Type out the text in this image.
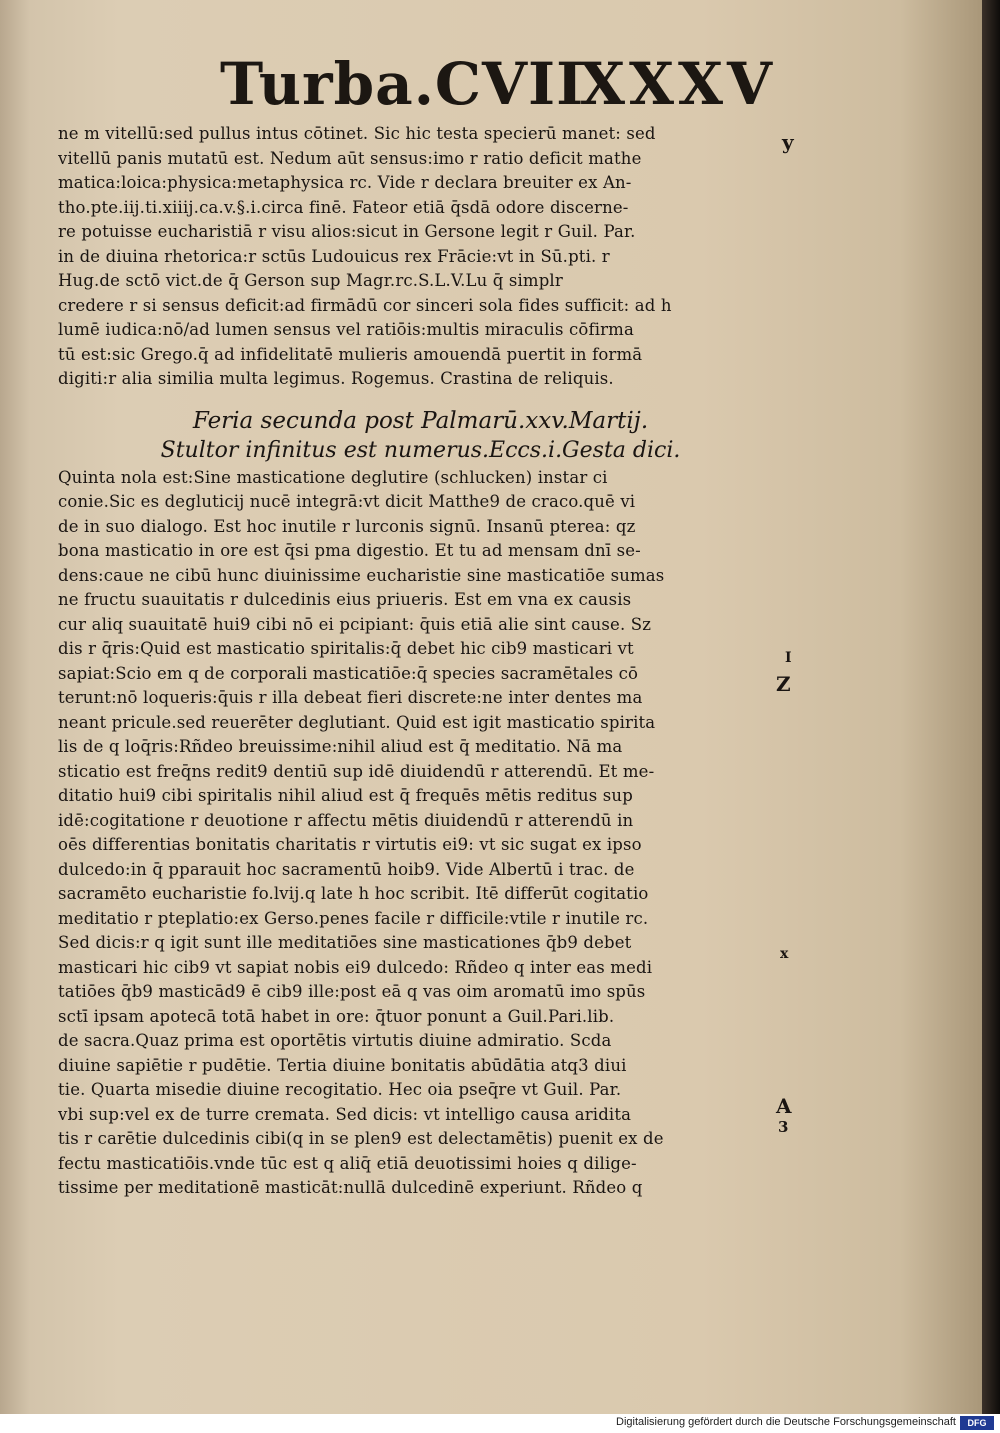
Turba.CVII
XXXV
ne m vitellū:sed pullus intus cōtinet. Sic hic testa specierū manet: sed
vitellū panis mutatū est. Nedum aūt sensus:imo r ratio deficit mathe
matica:loica:physica:metaphysica rc. Vide r declara breuiter ex An-
tho.pte.iij.ti.xiiij.ca.v.§.i.circa finē. Fateor etiā q̄sdā odore discerne-
re potuisse eucharistiā r visu alios:sicut in Gersone legit r Guil. Par.
in de diuina rhetorica:r sctūs Ludouicus rex Frācie:vt in Sū.pti. r
Hug.de sctō vict.de q̄ Gerson sup Magr.rc.S.L.V.Lu q̄ simplr
credere r si sensus deficit:ad firmādū cor sinceri sola fides sufficit: ad h
lumē iudica:nō/ad lumen sensus vel ratiōis:multis miraculis cōfirma
tū est:sic Grego.q̄ ad infidelitatē mulieris amouendā puertit in formā
digiti:r alia similia multa legimus. Rogemus. Crastina de reliquis.
Feria secunda post Palmarū.xxv.Martij.
Stultor infinitus est numerus.Eccs.i.Gesta dici.
Quinta nola est:Sine masticatione deglutire (schlucken) instar ci
conie.Sic es degluticij nucē integrā:vt dicit Matthe9 de craco.quē vi
de in suo dialogo. Est hoc inutile r lurconis signū. Insanū pterea: qz
bona masticatio in ore est q̄si pma digestio. Et tu ad mensam dnī se-
dens:caue ne cibū hunc diuinissime eucharistie sine masticatiōe sumas
ne fructu suauitatis r dulcedinis eius priueris. Est em vna ex causis
cur aliq suauitatē hui9 cibi nō ei pcipiant: q̄uis etiā alie sint cause. Sz
dis r q̄ris:Quid est masticatio spiritalis:q̄ debet hic cib9 masticari vt
sapiat:Scio em q de corporali masticatiōe:q̄ species sacramētales cō
terunt:nō loqueris:q̄uis r illa debeat fieri discrete:ne inter dentes ma
neant pricule.sed reuerēter deglutiant. Quid est igit masticatio spirita
lis de q loq̄ris:Rñdeo breuissime:nihil aliud est q̄ meditatio. Nā ma
sticatio est freq̄ns redit9 dentiū sup idē diuidendū r atterendū. Et me-
ditatio hui9 cibi spiritalis nihil aliud est q̄ frequēs mētis reditus sup
idē:cogitatione r deuotione r affectu mētis diuidendū r atterendū in
oēs differentias bonitatis charitatis r virtutis ei9: vt sic sugat ex ipso
dulcedo:in q̄ pparauit hoc sacramentū hoib9. Vide Albertū i trac. de
sacramēto eucharistie fo.lvij.q late h hoc scribit. Itē differūt cogitatio
meditatio r pteplatio:ex Gerso.penes facile r difficile:vtile r inutile rc.
Sed dicis:r q igit sunt ille meditatiōes sine masticationes q̄b9 debet
masticari hic cib9 vt sapiat nobis ei9 dulcedo: Rñdeo q inter eas medi
tatiōes q̄b9 masticād9 ē cib9 ille:post eā q vas oim aromatū imo spūs
sctī ipsam apotecā totā habet in ore: q̄tuor ponunt a Guil.Pari.lib.
de sacra.Quaz prima est oportētis virtutis diuine admiratio. Scda
diuine sapiētie r pudētie. Tertia diuine bonitatis abūdātia atq3 diui
tie. Quarta misedie diuine recogitatio. Hec oia pseq̄re vt Guil. Par.
vbi sup:vel ex de turre cremata. Sed dicis: vt intelligo causa aridita
tis r carētie dulcedinis cibi(q in se plen9 est delectamētis) puenit ex de
fectu masticatiōis.vnde tūc est q aliq̄ etiā deuotissimi hoies q dilige-
tissime per meditationē masticāt:nullā dulcedinē experiunt. Rñdeo q
y
I
Z
x
A
3
Digitalisierung gefördert durch die Deutsche Forschungsgemeinschaft	DFG
